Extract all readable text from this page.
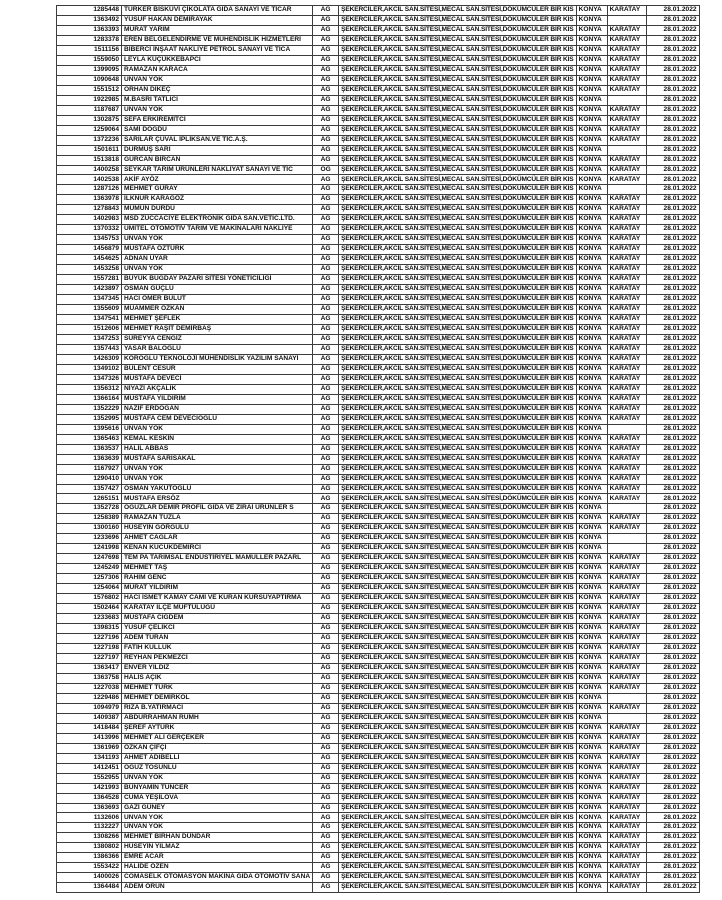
1285448	TÜRKER BİSKÜVİ ÇİKOLATA GIDA SANAYİ VE TİCAR	AG	ŞEKERCİLER,AKCİL SAN.SİTESİ,MECAL SAN.SİTESİ,DÖKÜMCÜLER BİR KIS	KONYA	KARATAY	28.01.2022
1363492	YUSUF HAKAN DEMİRAYAK	AG	ŞEKERCİLER,AKCİL SAN.SİTESİ,MECAL SAN.SİTESİ,DÖKÜMCÜLER BİR KIS	KONYA		28.01.2022
1363393	MURAT YARIM	AG	ŞEKERCİLER,AKCİL SAN.SİTESİ,MECAL SAN.SİTESİ,DÖKÜMCÜLER BİR KIS	KONYA	KARATAY	28.01.2022
1283378	EREN BELGELENDİRME VE MÜHENDİSLİK HİZMETLERİ	AG	ŞEKERCİLER,AKCİL SAN.SİTESİ,MECAL SAN.SİTESİ,DÖKÜMCÜLER BİR KIS	KONYA	KARATAY	28.01.2022
1511156	BİBERCİ İNŞAAT NAKLİYE PETROL SANAYİ VE TİCA	AG	ŞEKERCİLER,AKCİL SAN.SİTESİ,MECAL SAN.SİTESİ,DÖKÜMCÜLER BİR KIS	KONYA	KARATAY	28.01.2022
1559050	LEYLA KÜÇÜKKEBAPCI	AG	ŞEKERCİLER,AKCİL SAN.SİTESİ,MECAL SAN.SİTESİ,DÖKÜMCÜLER BİR KIS	KONYA	KARATAY	28.01.2022
1399095	RAMAZAN KARACA	AG	ŞEKERCİLER,AKCİL SAN.SİTESİ,MECAL SAN.SİTESİ,DÖKÜMCÜLER BİR KIS	KONYA	KARATAY	28.01.2022
1090648	UNVAN YOK	AG	ŞEKERCİLER,AKCİL SAN.SİTESİ,MECAL SAN.SİTESİ,DÖKÜMCÜLER BİR KIS	KONYA	KARATAY	28.01.2022
1551512	ORHAN DİKEÇ	AG	ŞEKERCİLER,AKCİL SAN.SİTESİ,MECAL SAN.SİTESİ,DÖKÜMCÜLER BİR KIS	KONYA	KARATAY	28.01.2022
1922985	M.BASRI TATLICI	AG	ŞEKERCİLER,AKCİL SAN.SİTESİ,MECAL SAN.SİTESİ,DÖKÜMCÜLER BİR KIS	KONYA		28.01.2022
1187687	UNVAN YOK	AG	ŞEKERCİLER,AKCİL SAN.SİTESİ,MECAL SAN.SİTESİ,DÖKÜMCÜLER BİR KIS	KONYA	KARATAY	28.01.2022
1302875	SEFA ERKİREMİTCİ	AG	ŞEKERCİLER,AKCİL SAN.SİTESİ,MECAL SAN.SİTESİ,DÖKÜMCÜLER BİR KIS	KONYA	KARATAY	28.01.2022
1259064	SAMİ DOĞDU	AG	ŞEKERCİLER,AKCİL SAN.SİTESİ,MECAL SAN.SİTESİ,DÖKÜMCÜLER BİR KIS	KONYA	KARATAY	28.01.2022
1372236	SARILAR ÇUVAL İPLİKSAN.VE TİC.A.Ş.	AG	ŞEKERCİLER,AKCİL SAN.SİTESİ,MECAL SAN.SİTESİ,DÖKÜMCÜLER BİR KIS	KONYA	KARATAY	28.01.2022
1501611	DURMUŞ SARI	AG	ŞEKERCİLER,AKCİL SAN.SİTESİ,MECAL SAN.SİTESİ,DÖKÜMCÜLER BİR KIS	KONYA		28.01.2022
1513818	GÜRCAN BİRCAN	AG	ŞEKERCİLER,AKCİL SAN.SİTESİ,MECAL SAN.SİTESİ,DÖKÜMCÜLER BİR KIS	KONYA	KARATAY	28.01.2022
1400258	SEYKAR TARIM ÜRÜNLERİ NAKLİYAT SANAYİ VE TİC	OG	ŞEKERCİLER,AKCİL SAN.SİTESİ,MECAL SAN.SİTESİ,DÖKÜMCÜLER BİR KIS	KONYA	KARATAY	28.01.2022
1402538	AKİF AYÖZ	AG	ŞEKERCİLER,AKCİL SAN.SİTESİ,MECAL SAN.SİTESİ,DÖKÜMCÜLER BİR KIS	KONYA	KARATAY	28.01.2022
1287126	MEHMET GÜRAY	AG	ŞEKERCİLER,AKCİL SAN.SİTESİ,MECAL SAN.SİTESİ,DÖKÜMCÜLER BİR KIS	KONYA		28.01.2022
1363978	İLKNUR KARAGÖZ	AG	ŞEKERCİLER,AKCİL SAN.SİTESİ,MECAL SAN.SİTESİ,DÖKÜMCÜLER BİR KIS	KONYA	KARATAY	28.01.2022
1278843	MÜMÜN DURDU	AG	ŞEKERCİLER,AKCİL SAN.SİTESİ,MECAL SAN.SİTESİ,DÖKÜMCÜLER BİR KIS	KONYA	KARATAY	28.01.2022
1402983	MSD ZÜCCACİYE ELEKTRONİK GIDA SAN.VETİC.LTD.	AG	ŞEKERCİLER,AKCİL SAN.SİTESİ,MECAL SAN.SİTESİ,DÖKÜMCÜLER BİR KIS	KONYA	KARATAY	28.01.2022
1370332	ÜMİTEL OTOMOTİV TARIM VE MAKİNALARI NAKLİYE	AG	ŞEKERCİLER,AKCİL SAN.SİTESİ,MECAL SAN.SİTESİ,DÖKÜMCÜLER BİR KIS	KONYA	KARATAY	28.01.2022
1345753	UNVAN YOK	AG	ŞEKERCİLER,AKCİL SAN.SİTESİ,MECAL SAN.SİTESİ,DÖKÜMCÜLER BİR KIS	KONYA	KARATAY	28.01.2022
1456879	MUSTAFA ÖZTÜRK	AG	ŞEKERCİLER,AKCİL SAN.SİTESİ,MECAL SAN.SİTESİ,DÖKÜMCÜLER BİR KIS	KONYA	KARATAY	28.01.2022
1454625	ADNAN UYAR	AG	ŞEKERCİLER,AKCİL SAN.SİTESİ,MECAL SAN.SİTESİ,DÖKÜMCÜLER BİR KIS	KONYA	KARATAY	28.01.2022
1453258	UNVAN YOK	AG	ŞEKERCİLER,AKCİL SAN.SİTESİ,MECAL SAN.SİTESİ,DÖKÜMCÜLER BİR KIS	KONYA	KARATAY	28.01.2022
1557281	BÜYÜK BUĞDAY PAZARI SİTESİ YÖNETİCİLİĞİ	AG	ŞEKERCİLER,AKCİL SAN.SİTESİ,MECAL SAN.SİTESİ,DÖKÜMCÜLER BİR KIS	KONYA	KARATAY	28.01.2022
1423897	OSMAN GÜÇLÜ	AG	ŞEKERCİLER,AKCİL SAN.SİTESİ,MECAL SAN.SİTESİ,DÖKÜMCÜLER BİR KIS	KONYA	KARATAY	28.01.2022
1347345	HACI ÖMER BULUT	AG	ŞEKERCİLER,AKCİL SAN.SİTESİ,MECAL SAN.SİTESİ,DÖKÜMCÜLER BİR KIS	KONYA	KARATAY	28.01.2022
1355609	MUAMMER ÖZKAN	AG	ŞEKERCİLER,AKCİL SAN.SİTESİ,MECAL SAN.SİTESİ,DÖKÜMCÜLER BİR KIS	KONYA	KARATAY	28.01.2022
1347541	MEHMET ŞEFLEK	AG	ŞEKERCİLER,AKCİL SAN.SİTESİ,MECAL SAN.SİTESİ,DÖKÜMCÜLER BİR KIS	KONYA	KARATAY	28.01.2022
1512606	MEHMET RAŞİT DEMİRBAŞ	AG	ŞEKERCİLER,AKCİL SAN.SİTESİ,MECAL SAN.SİTESİ,DÖKÜMCÜLER BİR KIS	KONYA	KARATAY	28.01.2022
1347253	SÜREYYA CENGİZ	AG	ŞEKERCİLER,AKCİL SAN.SİTESİ,MECAL SAN.SİTESİ,DÖKÜMCÜLER BİR KIS	KONYA	KARATAY	28.01.2022
1357443	YASAR BALOGLU	AG	ŞEKERCİLER,AKCİL SAN.SİTESİ,MECAL SAN.SİTESİ,DÖKÜMCÜLER BİR KIS	KONYA	KARATAY	28.01.2022
1426309	KÖROĞLU TEKNOLOJİ MÜHENDİSLİK YAZILIM SANAYİ	AG	ŞEKERCİLER,AKCİL SAN.SİTESİ,MECAL SAN.SİTESİ,DÖKÜMCÜLER BİR KIS	KONYA	KARATAY	28.01.2022
1349102	BÜLENT CESUR	AG	ŞEKERCİLER,AKCİL SAN.SİTESİ,MECAL SAN.SİTESİ,DÖKÜMCÜLER BİR KIS	KONYA	KARATAY	28.01.2022
1347326	MUSTAFA DEVECİ	AG	ŞEKERCİLER,AKCİL SAN.SİTESİ,MECAL SAN.SİTESİ,DÖKÜMCÜLER BİR KIS	KONYA	KARATAY	28.01.2022
1356312	NİYAZİ AKÇALIK	AG	ŞEKERCİLER,AKCİL SAN.SİTESİ,MECAL SAN.SİTESİ,DÖKÜMCÜLER BİR KIS	KONYA	KARATAY	28.01.2022
1366164	MUSTAFA YILDIRIM	AG	ŞEKERCİLER,AKCİL SAN.SİTESİ,MECAL SAN.SİTESİ,DÖKÜMCÜLER BİR KIS	KONYA	KARATAY	28.01.2022
1352229	NAZİF ERDOĞAN	AG	ŞEKERCİLER,AKCİL SAN.SİTESİ,MECAL SAN.SİTESİ,DÖKÜMCÜLER BİR KIS	KONYA	KARATAY	28.01.2022
1352995	MUSTAFA CEM DEVECIOGLU	AG	ŞEKERCİLER,AKCİL SAN.SİTESİ,MECAL SAN.SİTESİ,DÖKÜMCÜLER BİR KIS	KONYA	KARATAY	28.01.2022
1395616	UNVAN YOK	AG	ŞEKERCİLER,AKCİL SAN.SİTESİ,MECAL SAN.SİTESİ,DÖKÜMCÜLER BİR KIS	KONYA		28.01.2022
1365463	KEMAL KESKİN	AG	ŞEKERCİLER,AKCİL SAN.SİTESİ,MECAL SAN.SİTESİ,DÖKÜMCÜLER BİR KIS	KONYA	KARATAY	28.01.2022
1363537	HALİL ABBAS	AG	ŞEKERCİLER,AKCİL SAN.SİTESİ,MECAL SAN.SİTESİ,DÖKÜMCÜLER BİR KIS	KONYA	KARATAY	28.01.2022
1363639	MUSTAFA SARISAKAL	AG	ŞEKERCİLER,AKCİL SAN.SİTESİ,MECAL SAN.SİTESİ,DÖKÜMCÜLER BİR KIS	KONYA	KARATAY	28.01.2022
1167927	UNVAN YOK	AG	ŞEKERCİLER,AKCİL SAN.SİTESİ,MECAL SAN.SİTESİ,DÖKÜMCÜLER BİR KIS	KONYA	KARATAY	28.01.2022
1290410	UNVAN YOK	AG	ŞEKERCİLER,AKCİL SAN.SİTESİ,MECAL SAN.SİTESİ,DÖKÜMCÜLER BİR KIS	KONYA	KARATAY	28.01.2022
1357427	OSMAN YAKUTOĞLU	AG	ŞEKERCİLER,AKCİL SAN.SİTESİ,MECAL SAN.SİTESİ,DÖKÜMCÜLER BİR KIS	KONYA	KARATAY	28.01.2022
1265151	MUSTAFA ERSÖZ	AG	ŞEKERCİLER,AKCİL SAN.SİTESİ,MECAL SAN.SİTESİ,DÖKÜMCÜLER BİR KIS	KONYA	KARATAY	28.01.2022
1352728	OĞUZLAR DEMİR PROFİL GIDA VE ZİRAİ ÜRÜNLER S	AG	ŞEKERCİLER,AKCİL SAN.SİTESİ,MECAL SAN.SİTESİ,DÖKÜMCÜLER BİR KIS	KONYA		28.01.2022
1258389	RAMAZAN TUZLA	AG	ŞEKERCİLER,AKCİL SAN.SİTESİ,MECAL SAN.SİTESİ,DÖKÜMCÜLER BİR KIS	KONYA	KARATAY	28.01.2022
1300160	HÜSEYİN GÖRGÜLÜ	AG	ŞEKERCİLER,AKCİL SAN.SİTESİ,MECAL SAN.SİTESİ,DÖKÜMCÜLER BİR KIS	KONYA	KARATAY	28.01.2022
1233696	AHMET CAGLAR	AG	ŞEKERCİLER,AKCİL SAN.SİTESİ,MECAL SAN.SİTESİ,DÖKÜMCÜLER BİR KIS	KONYA		28.01.2022
1241998	KENAN KUCUKDEMIRCI	AG	ŞEKERCİLER,AKCİL SAN.SİTESİ,MECAL SAN.SİTESİ,DÖKÜMCÜLER BİR KIS	KONYA		28.01.2022
1247698	TEM PA TARIMSAL ENDÜSTİRİYEL MAMULLER PAZARL	AG	ŞEKERCİLER,AKCİL SAN.SİTESİ,MECAL SAN.SİTESİ,DÖKÜMCÜLER BİR KIS	KONYA	KARATAY	28.01.2022
1245249	MEHMET TAŞ	AG	ŞEKERCİLER,AKCİL SAN.SİTESİ,MECAL SAN.SİTESİ,DÖKÜMCÜLER BİR KIS	KONYA	KARATAY	28.01.2022
1257306	RAHIM GENC	AG	ŞEKERCİLER,AKCİL SAN.SİTESİ,MECAL SAN.SİTESİ,DÖKÜMCÜLER BİR KIS	KONYA	KARATAY	28.01.2022
1254064	MURAT YILDIRIM	AG	ŞEKERCİLER,AKCİL SAN.SİTESİ,MECAL SAN.SİTESİ,DÖKÜMCÜLER BİR KIS	KONYA	KARATAY	28.01.2022
1576802	HACI İSMET KAMAY CAMİ VE KURAN KURSUYAPTIRMA	AG	ŞEKERCİLER,AKCİL SAN.SİTESİ,MECAL SAN.SİTESİ,DÖKÜMCÜLER BİR KIS	KONYA	KARATAY	28.01.2022
1502464	KARATAY İLÇE MÜFTÜLÜĞÜ	AG	ŞEKERCİLER,AKCİL SAN.SİTESİ,MECAL SAN.SİTESİ,DÖKÜMCÜLER BİR KIS	KONYA	KARATAY	28.01.2022
1233683	MUSTAFA CIGDEM	AG	ŞEKERCİLER,AKCİL SAN.SİTESİ,MECAL SAN.SİTESİ,DÖKÜMCÜLER BİR KIS	KONYA	KARATAY	28.01.2022
1398315	YUSUF ÇELİKCİ	AG	ŞEKERCİLER,AKCİL SAN.SİTESİ,MECAL SAN.SİTESİ,DÖKÜMCÜLER BİR KIS	KONYA	KARATAY	28.01.2022
1227196	ADEM TURAN	AG	ŞEKERCİLER,AKCİL SAN.SİTESİ,MECAL SAN.SİTESİ,DÖKÜMCÜLER BİR KIS	KONYA	KARATAY	28.01.2022
1227198	FATİH KULLUK	AG	ŞEKERCİLER,AKCİL SAN.SİTESİ,MECAL SAN.SİTESİ,DÖKÜMCÜLER BİR KIS	KONYA	KARATAY	28.01.2022
1227197	REYHAN PEKMEZCİ	AG	ŞEKERCİLER,AKCİL SAN.SİTESİ,MECAL SAN.SİTESİ,DÖKÜMCÜLER BİR KIS	KONYA	KARATAY	28.01.2022
1363417	ENVER YILDIZ	AG	ŞEKERCİLER,AKCİL SAN.SİTESİ,MECAL SAN.SİTESİ,DÖKÜMCÜLER BİR KIS	KONYA	KARATAY	28.01.2022
1363758	HALİS AÇIK	AG	ŞEKERCİLER,AKCİL SAN.SİTESİ,MECAL SAN.SİTESİ,DÖKÜMCÜLER BİR KIS	KONYA	KARATAY	28.01.2022
1227038	MEHMET TÜRK	AG	ŞEKERCİLER,AKCİL SAN.SİTESİ,MECAL SAN.SİTESİ,DÖKÜMCÜLER BİR KIS	KONYA	KARATAY	28.01.2022
1229486	MEHMET DEMİRKOL	AG	ŞEKERCİLER,AKCİL SAN.SİTESİ,MECAL SAN.SİTESİ,DÖKÜMCÜLER BİR KIS	KONYA		28.01.2022
1094979	RIZA B.YATIRMACI	AG	ŞEKERCİLER,AKCİL SAN.SİTESİ,MECAL SAN.SİTESİ,DÖKÜMCÜLER BİR KIS	KONYA	KARATAY	28.01.2022
1409387	ABDURRAHMAN RUMH	AG	ŞEKERCİLER,AKCİL SAN.SİTESİ,MECAL SAN.SİTESİ,DÖKÜMCÜLER BİR KIS	KONYA		28.01.2022
1418484	ŞEREF AYTÜRK	AG	ŞEKERCİLER,AKCİL SAN.SİTESİ,MECAL SAN.SİTESİ,DÖKÜMCÜLER BİR KIS	KONYA	KARATAY	28.01.2022
1413996	MEHMET ALİ GERÇEKER	AG	ŞEKERCİLER,AKCİL SAN.SİTESİ,MECAL SAN.SİTESİ,DÖKÜMCÜLER BİR KIS	KONYA	KARATAY	28.01.2022
1361969	ÖZKAN ÇİFÇİ	AG	ŞEKERCİLER,AKCİL SAN.SİTESİ,MECAL SAN.SİTESİ,DÖKÜMCÜLER BİR KIS	KONYA	KARATAY	28.01.2022
1341193	AHMET ADIBELLİ	AG	ŞEKERCİLER,AKCİL SAN.SİTESİ,MECAL SAN.SİTESİ,DÖKÜMCÜLER BİR KIS	KONYA	KARATAY	28.01.2022
1412451	OĞUZ TOSUNLU	AG	ŞEKERCİLER,AKCİL SAN.SİTESİ,MECAL SAN.SİTESİ,DÖKÜMCÜLER BİR KIS	KONYA	KARATAY	28.01.2022
1552955	UNVAN YOK	AG	ŞEKERCİLER,AKCİL SAN.SİTESİ,MECAL SAN.SİTESİ,DÖKÜMCÜLER BİR KIS	KONYA	KARATAY	28.01.2022
1421993	BÜNYAMİN TUNCER	AG	ŞEKERCİLER,AKCİL SAN.SİTESİ,MECAL SAN.SİTESİ,DÖKÜMCÜLER BİR KIS	KONYA	KARATAY	28.01.2022
1364528	CUMA YEŞİLOVA	AG	ŞEKERCİLER,AKCİL SAN.SİTESİ,MECAL SAN.SİTESİ,DÖKÜMCÜLER BİR KIS	KONYA	KARATAY	28.01.2022
1363693	GAZİ GÜNEY	AG	ŞEKERCİLER,AKCİL SAN.SİTESİ,MECAL SAN.SİTESİ,DÖKÜMCÜLER BİR KIS	KONYA	KARATAY	28.01.2022
1132606	UNVAN YOK	AG	ŞEKERCİLER,AKCİL SAN.SİTESİ,MECAL SAN.SİTESİ,DÖKÜMCÜLER BİR KIS	KONYA	KARATAY	28.01.2022
1132227	UNVAN YOK	AG	ŞEKERCİLER,AKCİL SAN.SİTESİ,MECAL SAN.SİTESİ,DÖKÜMCÜLER BİR KIS	KONYA	KARATAY	28.01.2022
1308266	MEHMET BİRHAN DÜNDAR	AG	ŞEKERCİLER,AKCİL SAN.SİTESİ,MECAL SAN.SİTESİ,DÖKÜMCÜLER BİR KIS	KONYA	KARATAY	28.01.2022
1380802	HÜSEYİN YILMAZ	AG	ŞEKERCİLER,AKCİL SAN.SİTESİ,MECAL SAN.SİTESİ,DÖKÜMCÜLER BİR KIS	KONYA	KARATAY	28.01.2022
1386366	EMRE ACAR	AG	ŞEKERCİLER,AKCİL SAN.SİTESİ,MECAL SAN.SİTESİ,DÖKÜMCÜLER BİR KIS	KONYA	KARATAY	28.01.2022
1553422	HALİDE ÖZEN	AG	ŞEKERCİLER,AKCİL SAN.SİTESİ,MECAL SAN.SİTESİ,DÖKÜMCÜLER BİR KIS	KONYA	KARATAY	28.01.2022
1400026	COMASELK OTOMASYON MAKİNA GIDA OTOMOTİV SANA	AG	ŞEKERCİLER,AKCİL SAN.SİTESİ,MECAL SAN.SİTESİ,DÖKÜMCÜLER BİR KIS	KONYA	KARATAY	28.01.2022
1364484	ADEM ÖRÜN	AG	ŞEKERCİLER,AKCİL SAN.SİTESİ,MECAL SAN.SİTESİ,DÖKÜMCÜLER BİR KIS	KONYA	KARATAY	28.01.2022
